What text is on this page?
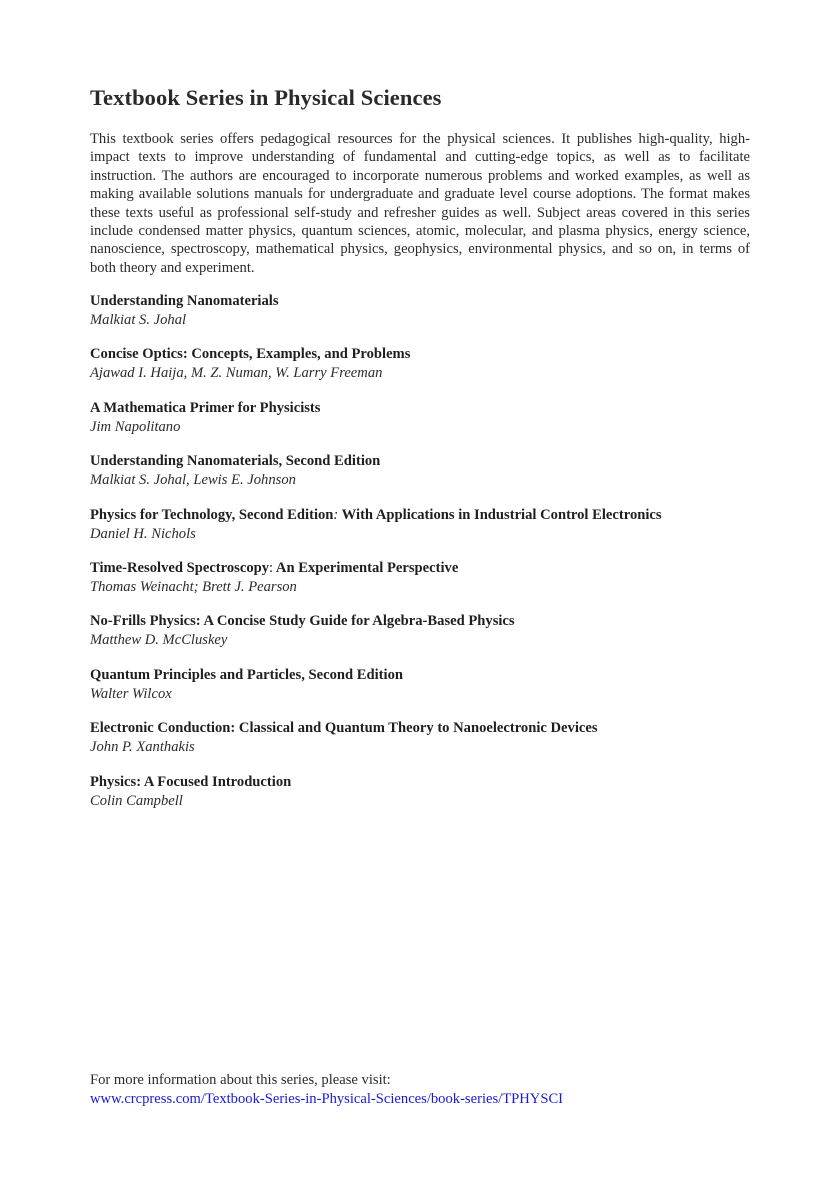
Textbook Series in Physical Sciences

This textbook series offers pedagogical resources for the physical sciences. It publishes high-quality, high-impact texts to improve understanding of fundamental and cutting-edge topics, as well as to facilitate instruction. The authors are encouraged to incorporate numerous problems and worked examples, as well as making available solutions manuals for undergraduate and graduate level course adoptions. The format makes these texts useful as professional self-study and refresher guides as well. Subject areas covered in this series include condensed matter physics, quantum sciences, atomic, molecular, and plasma physics, energy science, nanoscience, spectroscopy, mathematical physics, geophysics, environmental physics, and so on, in terms of both theory and experiment.

Understanding Nanomaterials
Malkiat S. Johal
Concise Optics: Concepts, Examples, and Problems
Ajawad I. Haija, M. Z. Numan, W. Larry Freeman
A Mathematica Primer for Physicists
Jim Napolitano
Understanding Nanomaterials, Second Edition
Malkiat S. Johal, Lewis E. Johnson
Physics for Technology, Second Edition: With Applications in Industrial Control Electronics
Daniel H. Nichols
Time-Resolved Spectroscopy: An Experimental Perspective
Thomas Weinacht; Brett J. Pearson
No-Frills Physics: A Concise Study Guide for Algebra-Based Physics
Matthew D. McCluskey
Quantum Principles and Particles, Second Edition
Walter Wilcox
Electronic Conduction: Classical and Quantum Theory to Nanoelectronic Devices
John P. Xanthakis
Physics: A Focused Introduction
Colin Campbell
For more information about this series, please visit:
www.crcpress.com/Textbook-Series-in-Physical-Sciences/book-series/TPHYSCI
